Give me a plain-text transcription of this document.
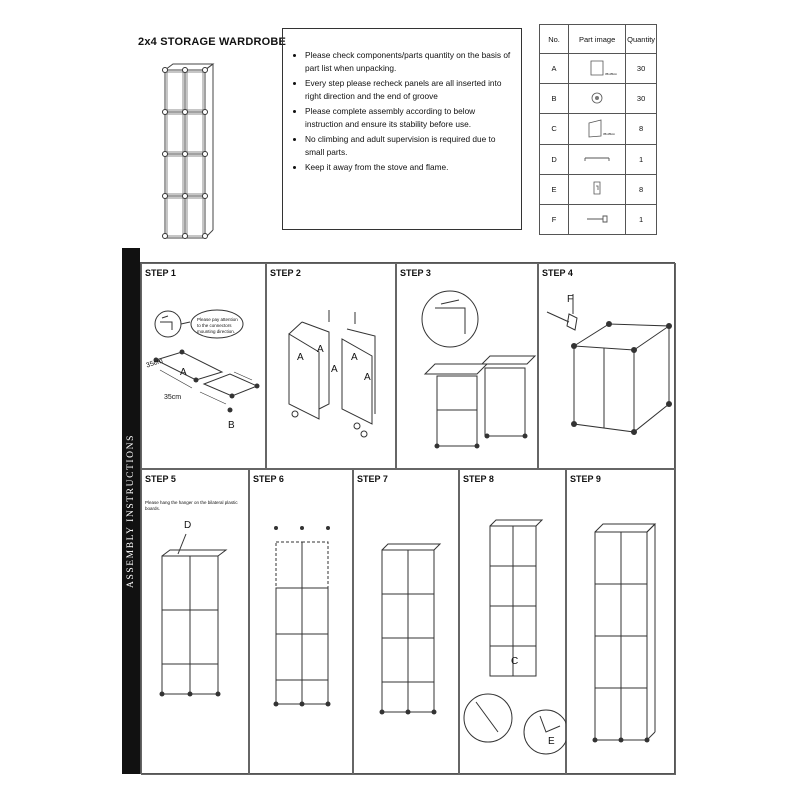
2x4 STORAGE WARDROBE
• Please check components/parts quantity on the basis of part list when unpacking.
• Every step please recheck panels are all inserted into right direction and the end of groove
• Please complete assembly according to below instruction and ensure its stability before use.
• No climbing and adult supervision is required due to small parts.
• Keep it away from the stove and flame.
No.	Part image	Quantity
A	35x35cm	30
B		30
C	35x35cm	8
D		1
E		8
F		1
ASSEMBLY INSTRUCTIONS
STEP 1
Please pay attention to the connectors mounting direction.
35cm
35cm
A
B
STEP 2
A
A
A
A
A
STEP 3	STEP 4
F
STEP 5
Please hang the hanger on the bilateral plastic boards.
D
STEP 6	STEP 7	STEP 8
C
E
STEP 9
